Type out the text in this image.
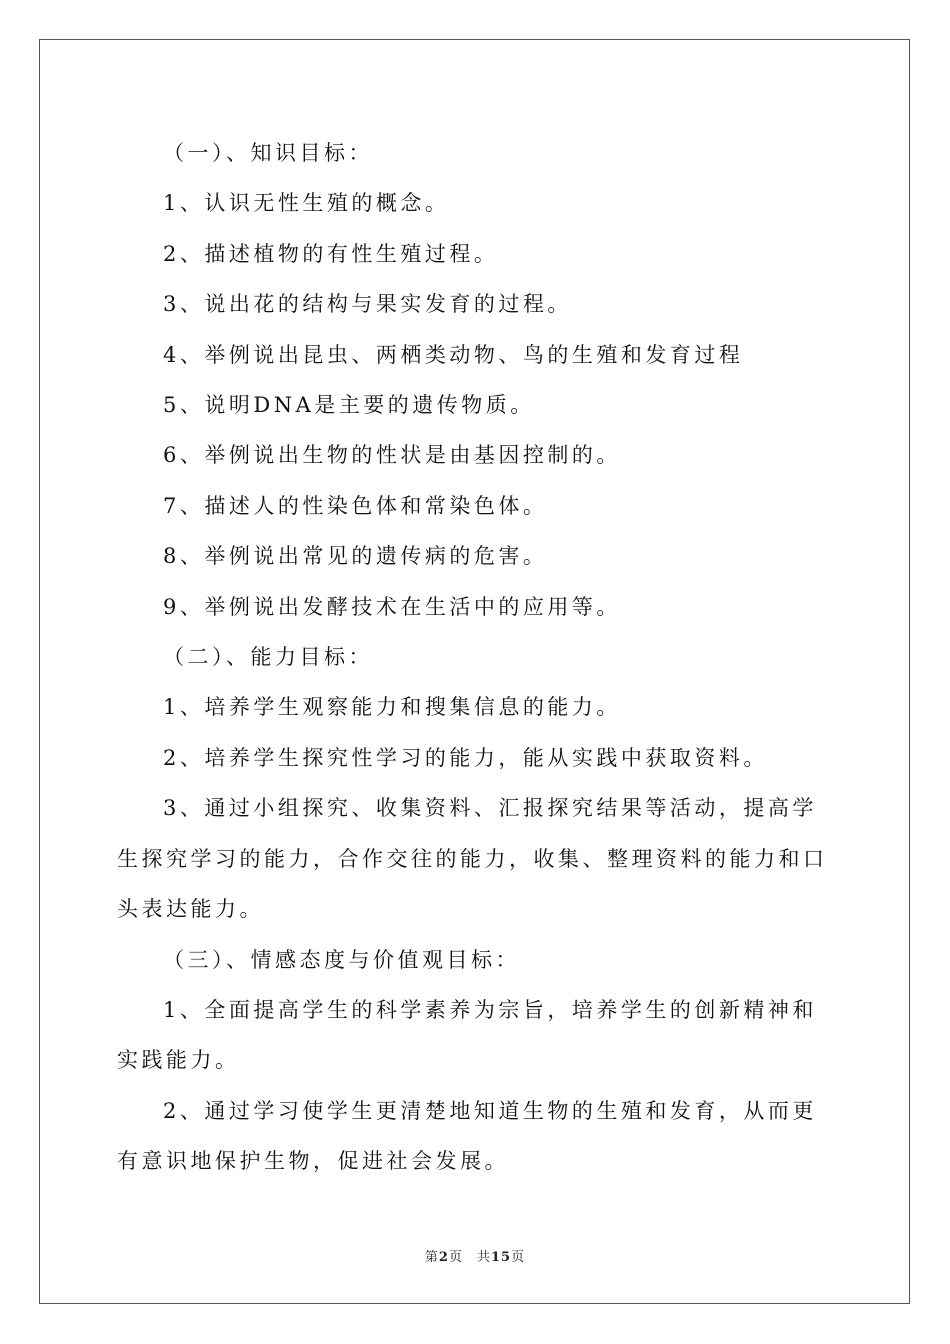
（一）、知识目标：

1、认识无性生殖的概念。

2、描述植物的有性生殖过程。

3、说出花的结构与果实发育的过程。

4、举例说出昆虫、两栖类动物、鸟的生殖和发育过程

5、说明DNA是主要的遗传物质。

6、举例说出生物的性状是由基因控制的。

7、描述人的性染色体和常染色体。

8、举例说出常见的遗传病的危害。

9、举例说出发酵技术在生活中的应用等。

（二）、能力目标：

1、培养学生观察能力和搜集信息的能力。

2、培养学生探究性学习的能力，能从实践中获取资料。

3、通过小组探究、收集资料、汇报探究结果等活动，提高学生探究学习的能力，合作交往的能力，收集、整理资料的能力和口头表达能力。

（三）、情感态度与价值观目标：

1、全面提高学生的科学素养为宗旨，培养学生的创新精神和实践能力。

2、通过学习使学生更清楚地知道生物的生殖和发育，从而更有意识地保护生物，促进社会发展。

第2页 共15页
